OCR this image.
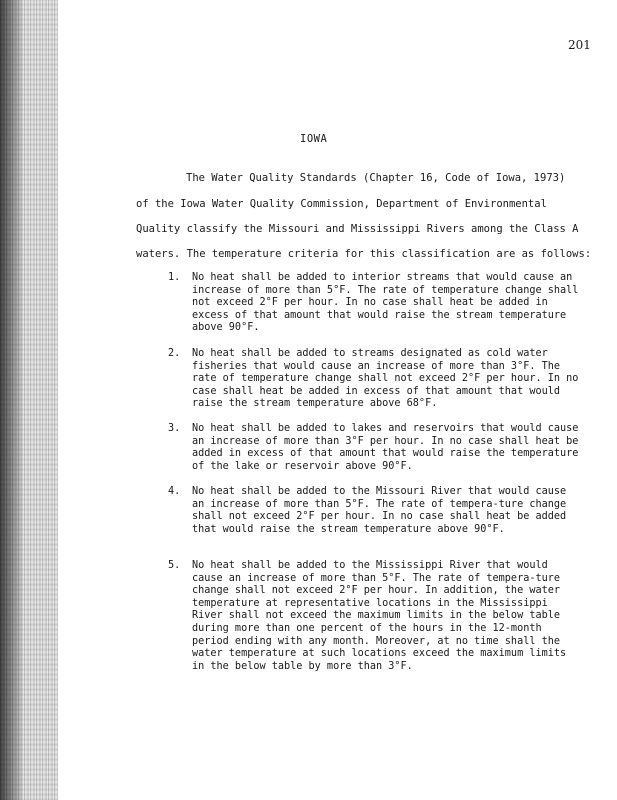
201
IOWA
The Water Quality Standards (Chapter 16, Code of Iowa, 1973)
of the Iowa Water Quality Commission, Department of Environmental
Quality classify the Missouri and Mississippi Rivers among the Class A
waters. The temperature criteria for this classification are as follows:
1. No heat shall be added to interior streams that would cause an increase of more than 5°F. The rate of temperature change shall not exceed 2°F per hour. In no case shall heat be added in excess of that amount that would raise the stream temperature above 90°F.
2. No heat shall be added to streams designated as cold water fisheries that would cause an increase of more than 3°F. The rate of temperature change shall not exceed 2°F per hour. In no case shall heat be added in excess of that amount that would raise the stream temperature above 68°F.
3. No heat shall be added to lakes and reservoirs that would cause an increase of more than 3°F per hour. In no case shall heat be added in excess of that amount that would raise the temperature of the lake or reservoir above 90°F.
4. No heat shall be added to the Missouri River that would cause an increase of more than 5°F. The rate of tempera-ture change shall not exceed 2°F per hour. In no case shall heat be added that would raise the stream temperature above 90°F.
5. No heat shall be added to the Mississippi River that would cause an increase of more than 5°F. The rate of tempera-ture change shall not exceed 2°F per hour. In addition, the water temperature at representative locations in the Mississippi River shall not exceed the maximum limits in the below table during more than one percent of the hours in the 12-month period ending with any month. Moreover, at no time shall the water temperature at such locations exceed the maximum limits in the below table by more than 3°F.
